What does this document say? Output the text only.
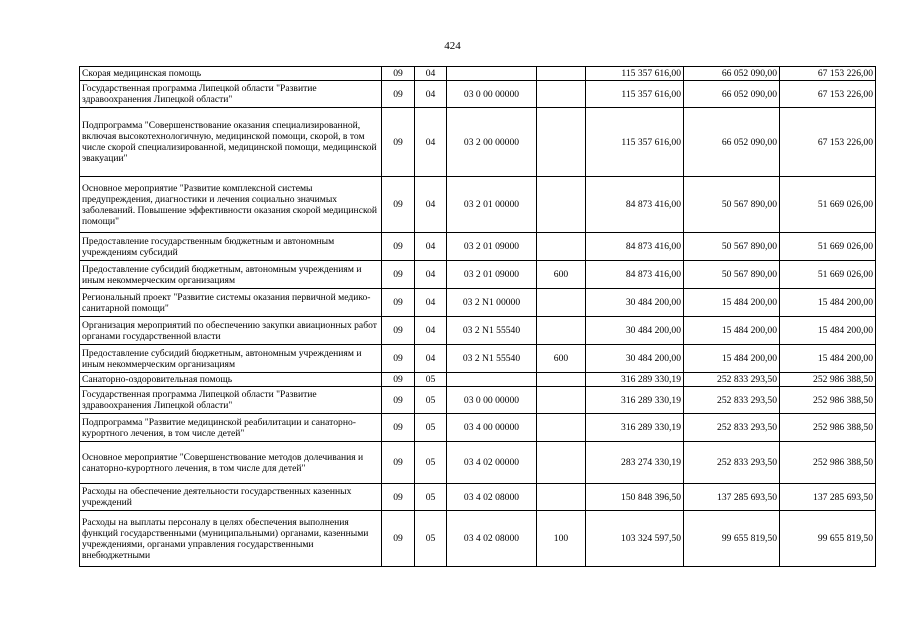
424
Скорая медицинская помощь	09	04			115 357 616,00	66 052 090,00	67 153 226,00
Государственная программа Липецкой области "Развитие здравоохранения Липецкой области"	09	04	03 0 00 00000		115 357 616,00	66 052 090,00	67 153 226,00
Подпрограмма "Совершенствование оказания специализированной, включая высокотехнологичную, медицинской помощи, скорой, в том числе скорой специализированной, медицинской помощи, медицинской эвакуации"	09	04	03 2 00 00000		115 357 616,00	66 052 090,00	67 153 226,00
Основное мероприятие "Развитие комплексной системы предупреждения, диагностики и лечения социально значимых заболеваний. Повышение эффективности оказания скорой медицинской помощи"	09	04	03 2 01 00000		84 873 416,00	50 567 890,00	51 669 026,00
Предоставление государственным бюджетным и автономным учреждениям субсидий	09	04	03 2 01 09000		84 873 416,00	50 567 890,00	51 669 026,00
Предоставление субсидий бюджетным, автономным учреждениям и иным некоммерческим организациям	09	04	03 2 01 09000	600	84 873 416,00	50 567 890,00	51 669 026,00
Региональный проект "Развитие системы оказания первичной медико-санитарной помощи"	09	04	03 2 N1 00000		30 484 200,00	15 484 200,00	15 484 200,00
Организация мероприятий по обеспечению закупки авиационных работ органами государственной власти	09	04	03 2 N1 55540		30 484 200,00	15 484 200,00	15 484 200,00
Предоставление субсидий бюджетным, автономным учреждениям и иным некоммерческим организациям	09	04	03 2 N1 55540	600	30 484 200,00	15 484 200,00	15 484 200,00
Санаторно-оздоровительная помощь	09	05			316 289 330,19	252 833 293,50	252 986 388,50
Государственная программа Липецкой области "Развитие здравоохранения Липецкой области"	09	05	03 0 00 00000		316 289 330,19	252 833 293,50	252 986 388,50
Подпрограмма "Развитие медицинской реабилитации и санаторно-курортного лечения, в том числе детей"	09	05	03 4 00 00000		316 289 330,19	252 833 293,50	252 986 388,50
Основное мероприятие "Совершенствование методов долечивания и санаторно-курортного лечения, в том числе для детей"	09	05	03 4 02 00000		283 274 330,19	252 833 293,50	252 986 388,50
Расходы на обеспечение деятельности государственных казенных учреждений	09	05	03 4 02 08000		150 848 396,50	137 285 693,50	137 285 693,50
Расходы на выплаты персоналу в целях обеспечения выполнения функций государственными (муниципальными) органами, казенными учреждениями, органами управления государственными внебюджетными	09	05	03 4 02 08000	100	103 324 597,50	99 655 819,50	99 655 819,50
